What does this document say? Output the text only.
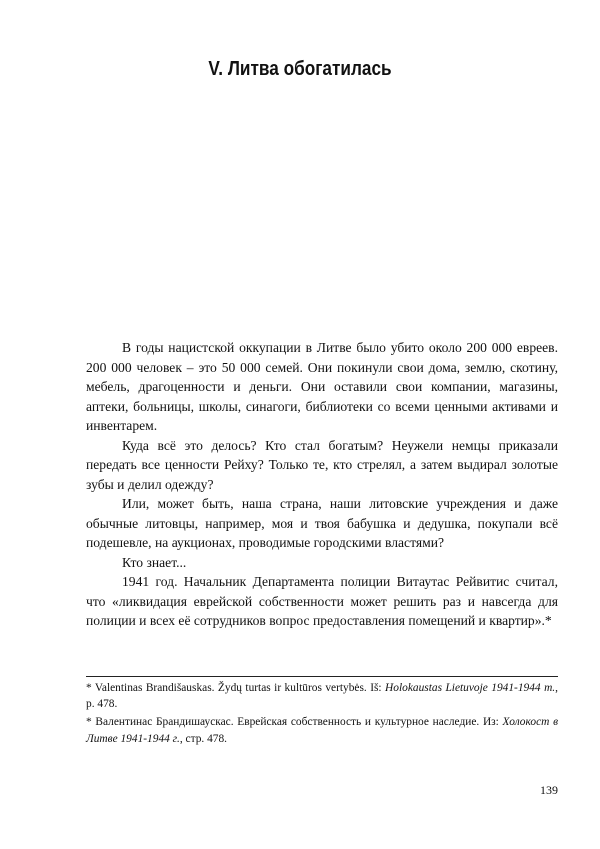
V. Литва обогатилась

В годы нацистской оккупации в Литве было убито около 200 000 евреев. 200 000 человек – это 50 000 семей. Они покинули свои дома, землю, скотину, мебель, драгоценности и деньги. Они оставили свои компании, магазины, аптеки, больницы, школы, синагоги, библиотеки со всеми ценными активами и инвентарем.

Куда всё это делось? Кто стал богатым? Неужели немцы приказали передать все ценности Рейху? Только те, кто стрелял, а затем выдирал золотые зубы и делил одежду?

Или, может быть, наша страна, наши литовские учреждения и даже обычные литовцы, например, моя и твоя бабушка и дедушка, покупали всё подешевле, на аукционах, проводимые городскими властями?

Кто знает...

1941 год. Начальник Департамента полиции Витаутас Рейвитис считал, что «ликвидация еврейской собственности может решить раз и навсегда для полиции и всех её сотрудников вопрос предоставления помещений и квартир».*

* Valentinas Brandišauskas. Žydų turtas ir kultūros vertybės. Iš: Holokaustas Lietuvoje 1941-1944 m., p. 478.

* Валентинас Брандишаускас. Еврейская собственность и культурное наследие. Из: Холокост в Литве 1941-1944 г., стр. 478.

139
